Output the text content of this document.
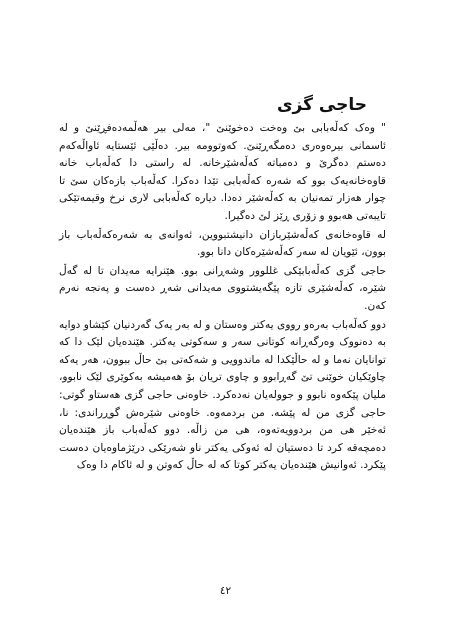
حاجی گزی

" وەک کەڵەبابی بێ وەخت دەخوێنێ "، مەلی بیر هەڵمەدەفڕێنێ و لە ئاسمانی بیرەوەری دەمگەڕێنێ. کەوتوومە بیر. دەڵێی ئێستایە ئاواڵەکەم دەستم دەگرێ و دەمباتە کەڵەشێرخانە. لە راستی دا کەڵەباب خانە قاوەخانەیەک بوو کە شەرە کەڵەبابی تێدا دەکرا. کەڵەباب بازەکان سێ تا چوار هەزار تمەنیان بە کەڵەشێر دەدا. دیارە کەڵەبابی لاری نرخ وقیمەتێکی تایبەتی هەبوو و زۆری ڕێز لێ دەگیرا.

لە قاوەخانەی کەڵەشێربازان دانیشتبووین، ئەوانەی بە شەرەکەڵەباب باز بوون، ئێویان لە سەر کەڵەشێرەکان دانا بوو.

حاجی گزی کەڵەبابێکی غللوور وشەڕانی بوو. هێنرایە مەیدان تا لە گەڵ شێرە، کەڵەشێری تازە پێگەیشتووی مەیدانی شەڕ دەست و پەنجە نەرم کەن.

دوو کەڵەباب بەرەو رووی یەکتر وەستان و لە بەر یەک گەردنیان کێشاو دوایە بە دەنووک وەرگەڕانە کوتانی سەر و سەکوتی یەکتر. هێندەیان لێک دا کە توانایان نەما و لە حاڵێکدا لە ماندوویی و شەکەتی بێ حاڵ ببوون، هەر یەکە چاوێکیان خوێنی تێ گەڕابوو و چاوی تریان بۆ هەمیشە بەکوێری لێک نابوو، ملیان پێکەوە نابوو و جوولەیان نەدەکرد. خاوەنی حاجی گزی هەستاو گوتی: حاجی گزی من لە پێشە. من بردمەوە. خاوەنی شێرەش گوڕراندی: نا، ئەخێر هی من بردوویەتەوە، هی من زاڵە. دوو کەڵەباب باز هێندەیان دەمچەقە کرد تا دەستیان لە ئەوکی یەکتر ناو شەرێکی درێژماوەیان دەست پێکرد. ئەوانیش هێندەیان یەکتر کوتا کە لە حاڵ کەوتن و لە ئاکام دا وەک

٤٢
